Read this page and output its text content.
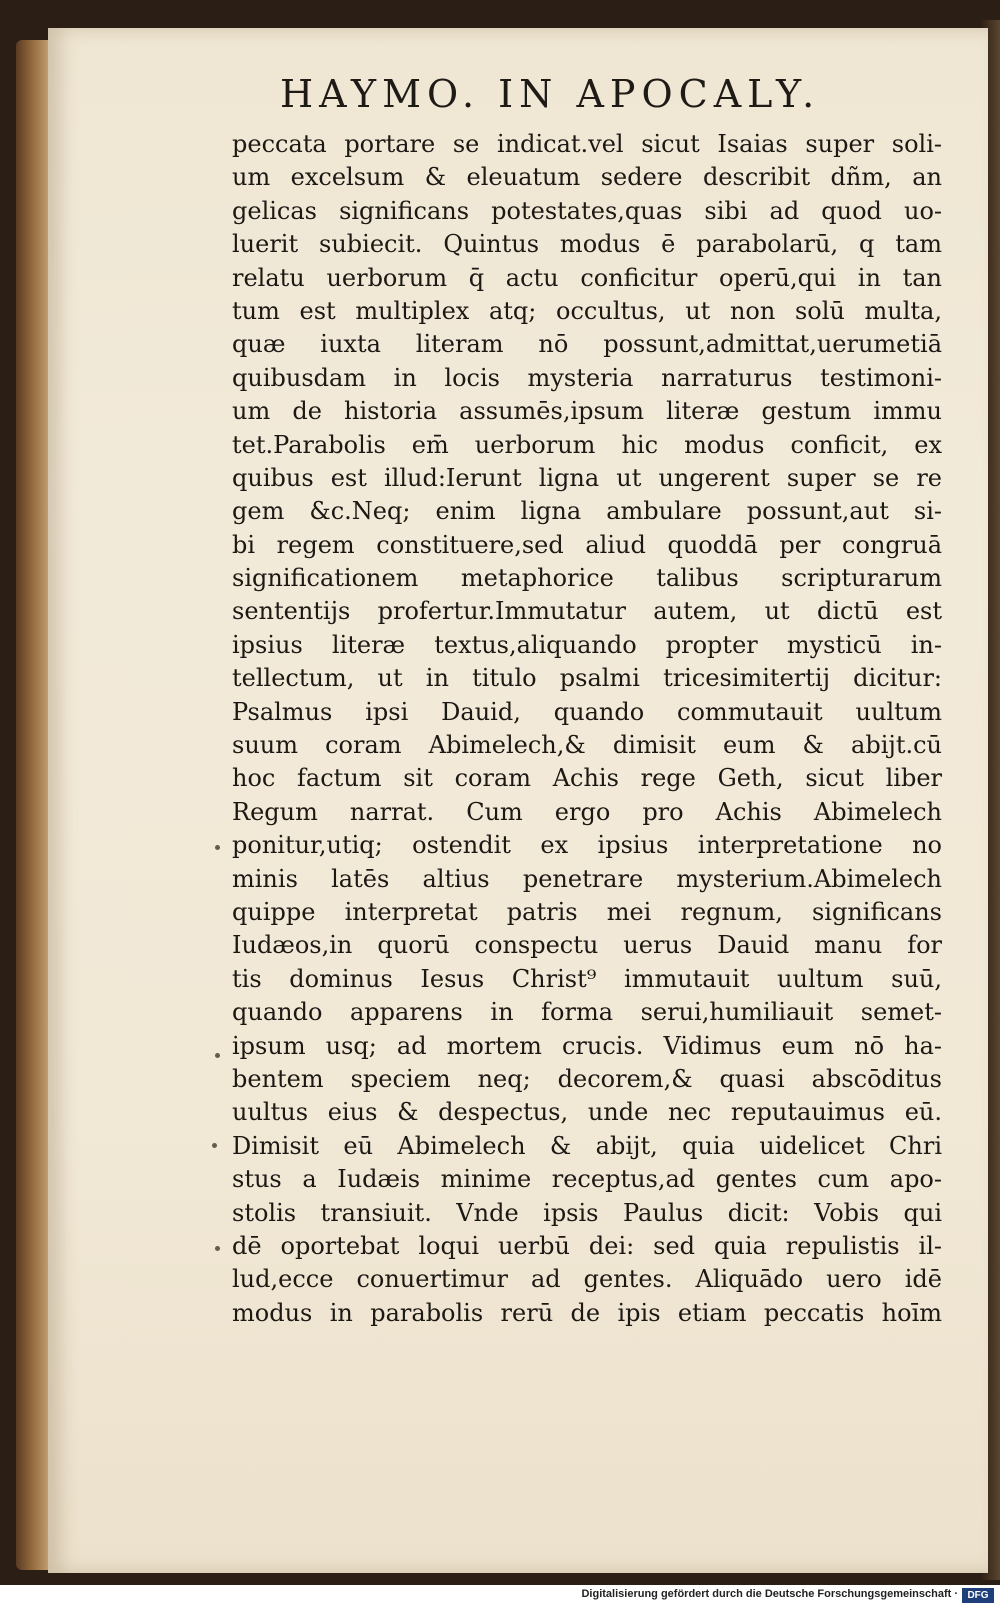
HAYMO. IN APOCALY.
peccata portare se indicat.vel sicut Isaias super soli-
um excelsum & eleuatum sedere describit dñm, an
gelicas significans potestates,quas sibi ad quod uo-
luerit subiecit. Quintus modus ē parabolarū, q tam
relatu uerborum q̄ actu conficitur operū,qui in tan
tum est multiplex atq; occultus, ut non solū multa,
quæ iuxta literam nō possunt,admittat,uerumetiā
quibusdam in locis mysteria narraturus testimoni-
um de historia assumēs,ipsum literæ gestum immu
tet.Parabolis em̄ uerborum hic modus conficit, ex
quibus est illud:Ierunt ligna ut ungerent super se re
gem &c.Neq; enim ligna ambulare possunt,aut si-
bi regem constituere,sed aliud quoddā per congruā
significationem metaphorice talibus scripturarum
sententijs profertur.Immutatur autem, ut dictū est
ipsius literæ textus,aliquando propter mysticū in-
tellectum, ut in titulo psalmi tricesimitertij dicitur:
Psalmus ipsi Dauid, quando commutauit uultum
suum coram Abimelech,& dimisit eum & abijt.cū
hoc factum sit coram Achis rege Geth, sicut liber
Regum narrat. Cum ergo pro Achis Abimelech
ponitur,utiq; ostendit ex ipsius interpretatione no
minis latēs altius penetrare mysterium.Abimelech
quippe interpretat patris mei regnum, significans
Iudæos,in quorū conspectu uerus Dauid manu for
tis dominus Iesus Christ⁹ immutauit uultum suū,
quando apparens in forma serui,humiliauit semet-
ipsum usq; ad mortem crucis. Vidimus eum nō ha-
bentem speciem neq; decorem,& quasi abscōditus
uultus eius & despectus, unde nec reputauimus eū.
Dimisit eū Abimelech & abijt, quia uidelicet Chri
stus a Iudæis minime receptus,ad gentes cum apo-
stolis transiuit. Vnde ipsis Paulus dicit: Vobis qui
dē oportebat loqui uerbū dei: sed quia repulistis il-
lud,ecce conuertimur ad gentes. Aliquādo uero idē
modus in parabolis rerū de ipis etiam peccatis hoīm
Digitalisierung gefördert durch die Deutsche Forschungsgemeinschaft · DFG
